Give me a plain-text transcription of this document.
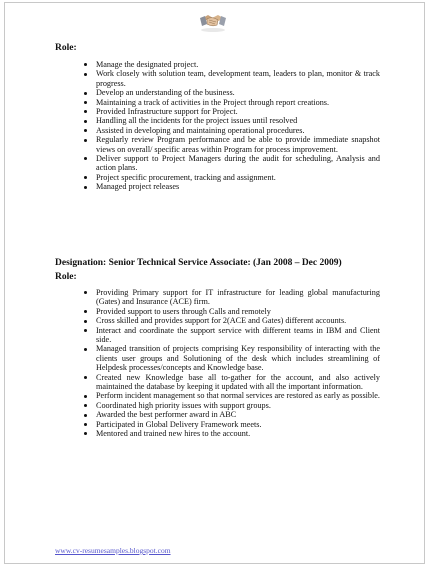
Role:
Manage the designated project.
Work closely with solution team, development team, leaders to plan, monitor & track progress.
Develop an understanding of the business.
Maintaining a track of activities in the Project through report creations.
Provided Infrastructure support for Project.
Handling all the incidents for the project issues until resolved
Assisted in developing and maintaining operational procedures.
Regularly review Program performance and be able to provide immediate snapshot views on overall/ specific areas within Program for process improvement.
Deliver support to Project Managers during the audit for scheduling, Analysis and action plans.
Project specific procurement, tracking and assignment.
Managed project releases
Designation: Senior Technical Service Associate: (Jan 2008 – Dec 2009)
Role:
Providing Primary support for IT infrastructure for leading global manufacturing (Gates) and Insurance (ACE) firm.
Provided support to users through Calls and remotely
Cross skilled and provides support for 2(ACE and Gates) different accounts.
Interact and coordinate the support service with different teams in IBM and Client side.
Managed transition of projects comprising Key responsibility of interacting with the clients user groups and Solutioning of the desk which includes streamlining of Helpdesk processes/concepts and Knowledge base.
Created new Knowledge base all to-gather for the account, and also actively maintained the database by keeping it updated with all the important information.
Perform incident management so that normal services are restored as early as possible.
Coordinated high priority issues with support groups.
Awarded the best performer award in ABC
Participated in Global Delivery Framework meets.
Mentored and trained new hires to the account.
www.cv-resumesamples.blogspot.com
